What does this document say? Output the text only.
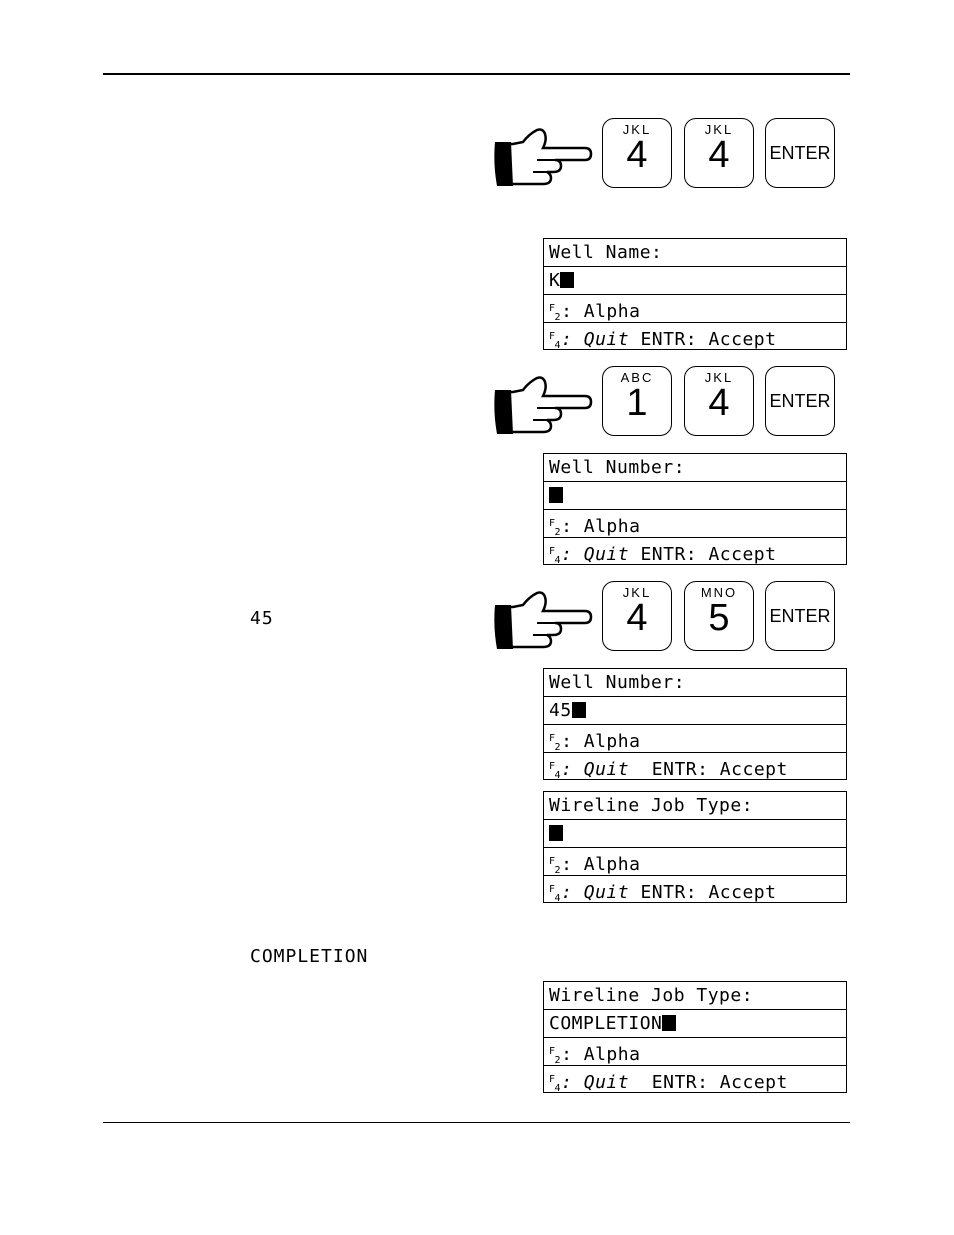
JKL
4
JKL
4	ENTER
Well Name:
K
$^F$2: Alpha
$^F$4: Quit ENTR: Accept
ABC
1
JKL
4	ENTER
Well Number:
$^F$2: Alpha
$^F$4: Quit ENTR: Accept
45
JKL
4
MNO
5	ENTER
Well Number:
45
$^F$2: Alpha
$^F$4: Quit ENTR: Accept
Wireline Job Type:
$^F$2: Alpha
$^F$4: Quit ENTR: Accept
COMPLETION
Wireline Job Type:
COMPLETION
$^F$2: Alpha
$^F$4: Quit ENTR: Accept
